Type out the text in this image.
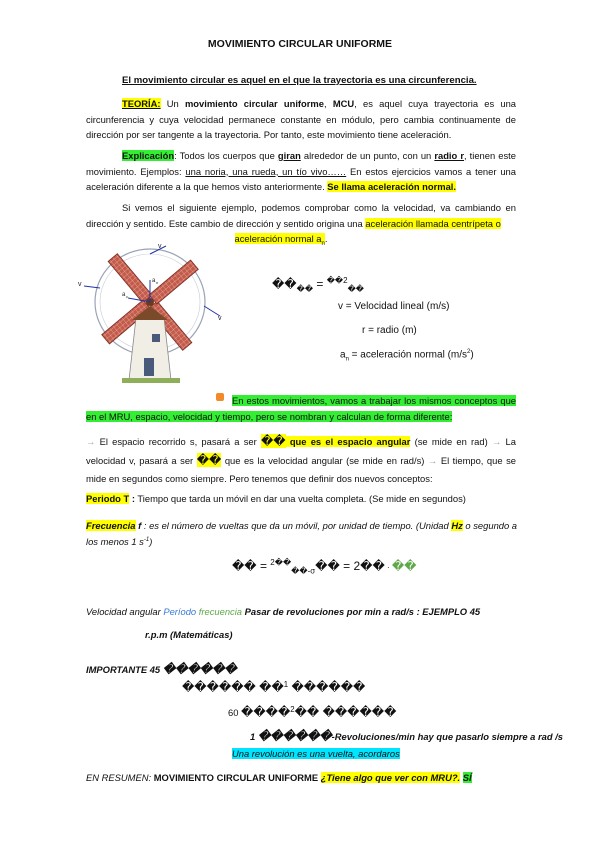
MOVIMIENTO CIRCULAR UNIFORME
El movimiento circular es aquel en el que la trayectoria es una circunferencia.
TEORÍA: Un movimiento circular uniforme, MCU, es aquel cuya trayectoria es una circunferencia y cuya velocidad permanece constante en módulo, pero cambia continuamente de dirección por ser tangente a la trayectoria. Por tanto, este movimiento tiene aceleración.
Explicación: Todos los cuerpos que giran alrededor de un punto, con un radio r, tienen este movimiento. Ejemplos: una noria, una rueda, un tío vivo…… En estos ejercicios vamos a tener una aceleración diferente a la que hemos visto anteriormente. Se llama aceleración normal.
Si vemos el siguiente ejemplo, podemos comprobar como la velocidad, va cambiando en dirección y sentido. Este cambio de dirección y sentido origina una aceleración llamada centrípeta o
aceleración normal $a_n$.
v
v
v
a n
a c
$��_{��} = ^{��2}_{��}$
v = Velocidad lineal (m/s)
r = radio (m)
$a_n$ = aceleración normal $(m/s^2)$
En estos movimientos, vamos a trabajar los mismos conceptos que en el MRU, espacio, velocidad y tiempo, pero se nombran y calculan de forma diferente:
→ El espacio recorrido s, pasará a ser �� que es el espacio angular (se mide en rad) → La velocidad v, pasará a ser �� que es la velocidad angular (se mide en rad/s) → El tiempo, que se mide en segundos como siempre. Pero tenemos que definir dos nuevos conceptos:
Periodo T : Tiempo que tarda un móvil en dar una vuelta completa. (Se mide en segundos)
Frecuencia f : es el número de vueltas que da un móvil, por unidad de tiempo. (Unidad Hz o segundo a los menos 1 $s^{-1}$)
�� = $^{2��}_{��-\sigma}$�� = 2�� · ��
Velocidad angular Período frecuencia Pasar de revoluciones por min a rad/s : EJEMPLO 45
r.p.m (Matemáticas)
IMPORTANTE 45 ������
������ ��$^1$ ������
60 ����$^2$�� ������
1 ������-Revoluciones/min hay que pasarlo siempre a rad /s
Una revolución es una vuelta, acordaros
EN RESUMEN: MOVIMIENTO CIRCULAR UNIFORME ¿Tiene algo que ver con MRU?. SÍ
